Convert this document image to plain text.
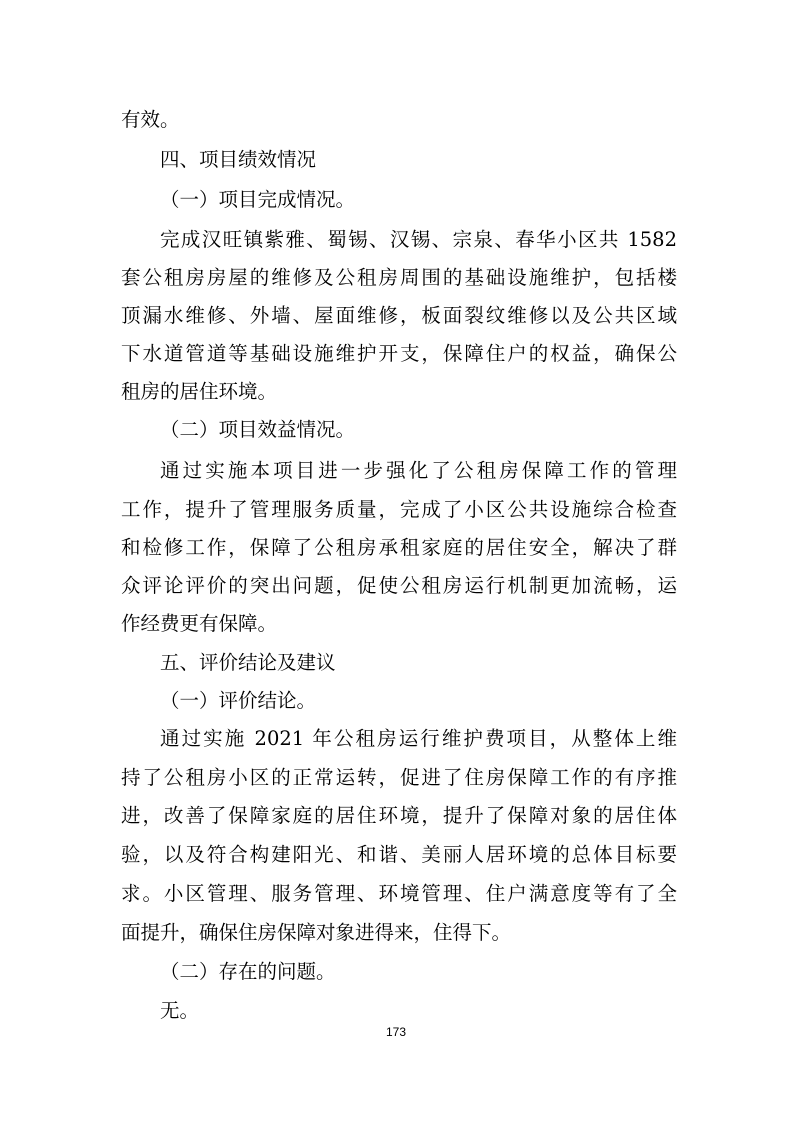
有效。
四、项目绩效情况
（一）项目完成情况。
完成汉旺镇紫雅、蜀锡、汉锡、宗泉、春华小区共 1582
套公租房房屋的维修及公租房周围的基础设施维护，包括楼
顶漏水维修、外墙、屋面维修，板面裂纹维修以及公共区域
下水道管道等基础设施维护开支，保障住户的权益，确保公
租房的居住环境。
（二）项目效益情况。
通过实施本项目进一步强化了公租房保障工作的管理
工作，提升了管理服务质量，完成了小区公共设施综合检查
和检修工作，保障了公租房承租家庭的居住安全，解决了群
众评论评价的突出问题，促使公租房运行机制更加流畅，运
作经费更有保障。
五、评价结论及建议
（一）评价结论。
通过实施 2021 年公租房运行维护费项目，从整体上维
持了公租房小区的正常运转，促进了住房保障工作的有序推
进，改善了保障家庭的居住环境，提升了保障对象的居住体
验，以及符合构建阳光、和谐、美丽人居环境的总体目标要
求。小区管理、服务管理、环境管理、住户满意度等有了全
面提升，确保住房保障对象进得来，住得下。
（二）存在的问题。
无。
173
